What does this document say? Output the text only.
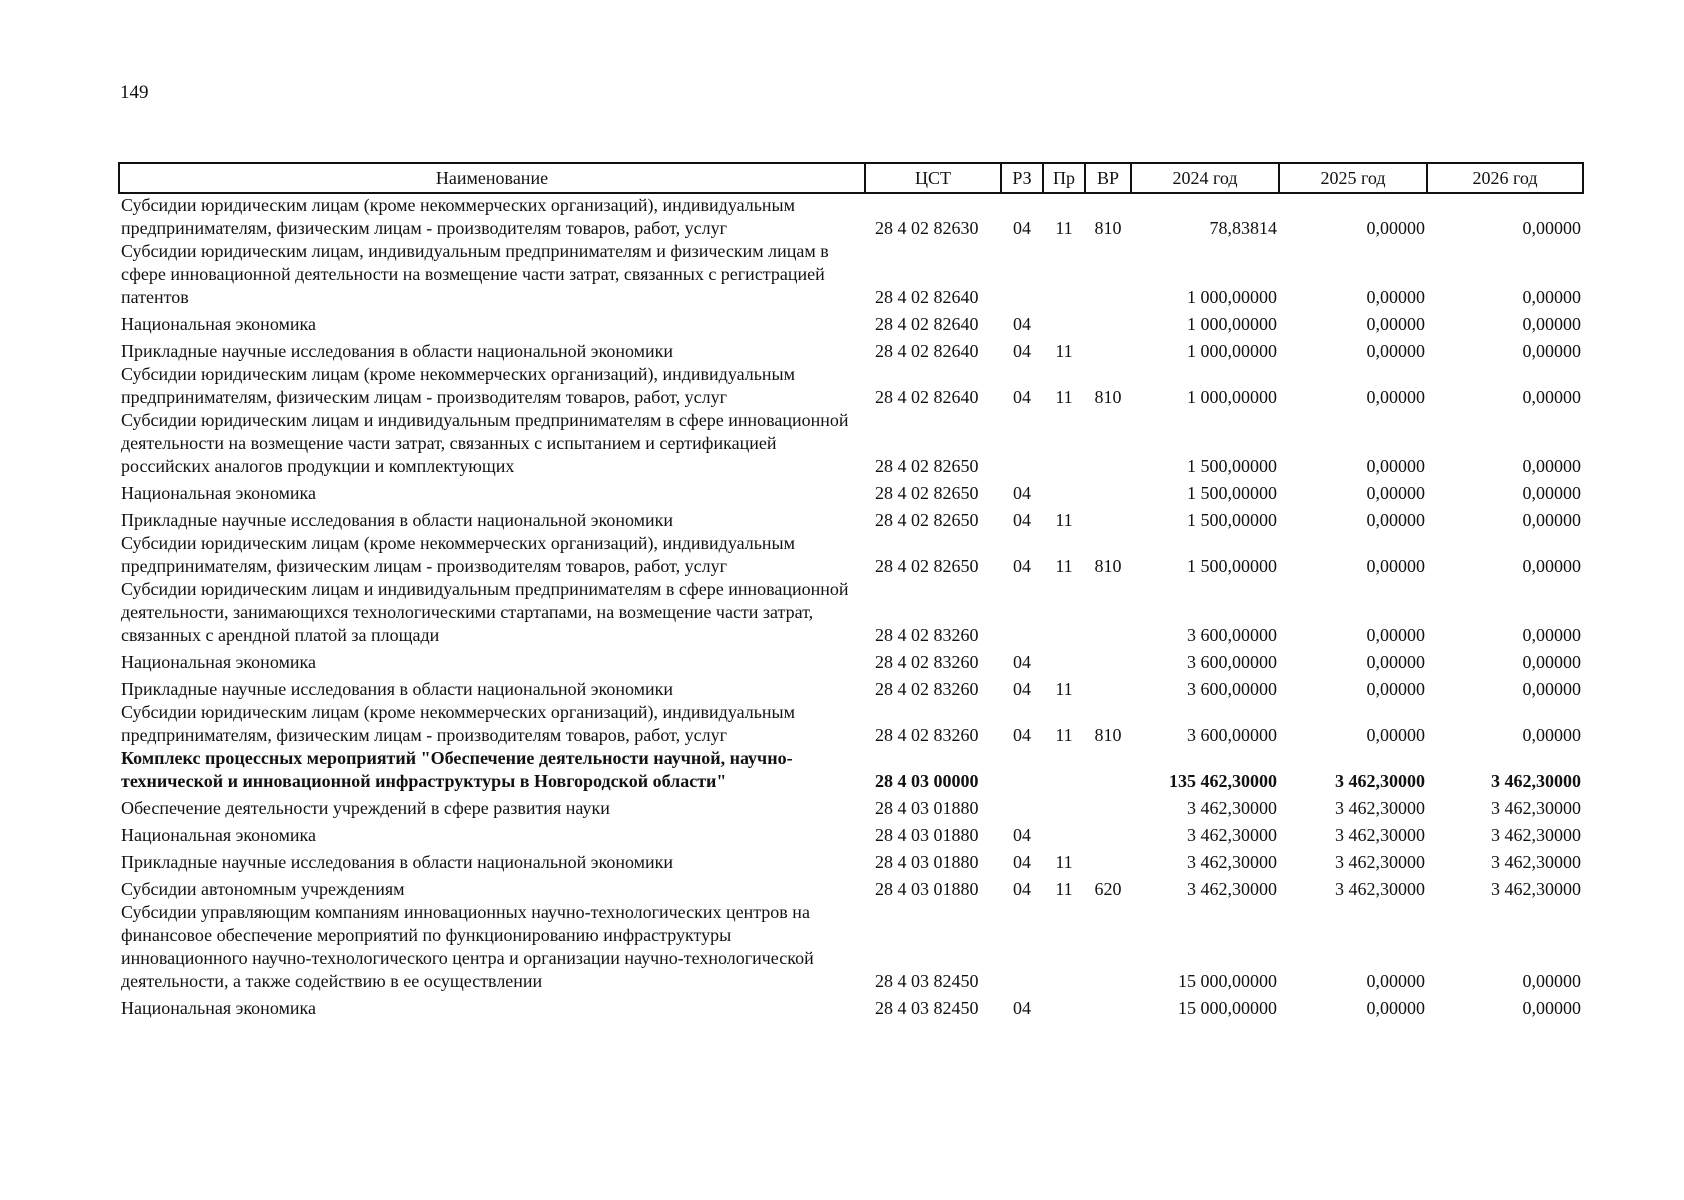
149
Наименование	ЦСТ	РЗ	Пр	ВР	2024 год	2025 год	2026 год
Субсидии юридическим лицам (кроме некоммерческих организаций), индивидуальным предпринимателям, физическим лицам - производителям товаров, работ, услуг	28 4 02 82630	04	11	810	78,83814	0,00000	0,00000
Субсидии юридическим лицам, индивидуальным предпринимателям и физическим лицам в сфере инновационной деятельности на возмещение части затрат, связанных с регистрацией патентов	28 4 02 82640				1 000,00000	0,00000	0,00000
Национальная экономика	28 4 02 82640	04			1 000,00000	0,00000	0,00000
Прикладные научные исследования в области национальной экономики	28 4 02 82640	04	11		1 000,00000	0,00000	0,00000
Субсидии юридическим лицам (кроме некоммерческих организаций), индивидуальным предпринимателям, физическим лицам - производителям товаров, работ, услуг	28 4 02 82640	04	11	810	1 000,00000	0,00000	0,00000
Субсидии юридическим лицам и индивидуальным предпринимателям в сфере инновационной деятельности на возмещение части затрат, связанных с испытанием и сертификацией российских аналогов продукции и комплектующих	28 4 02 82650				1 500,00000	0,00000	0,00000
Национальная экономика	28 4 02 82650	04			1 500,00000	0,00000	0,00000
Прикладные научные исследования в области национальной экономики	28 4 02 82650	04	11		1 500,00000	0,00000	0,00000
Субсидии юридическим лицам (кроме некоммерческих организаций), индивидуальным предпринимателям, физическим лицам - производителям товаров, работ, услуг	28 4 02 82650	04	11	810	1 500,00000	0,00000	0,00000
Субсидии юридическим лицам и индивидуальным предпринимателям в сфере инновационной деятельности, занимающихся технологическими стартапами, на возмещение части затрат, связанных с арендной платой за площади	28 4 02 83260				3 600,00000	0,00000	0,00000
Национальная экономика	28 4 02 83260	04			3 600,00000	0,00000	0,00000
Прикладные научные исследования в области национальной экономики	28 4 02 83260	04	11		3 600,00000	0,00000	0,00000
Субсидии юридическим лицам (кроме некоммерческих организаций), индивидуальным предпринимателям, физическим лицам - производителям товаров, работ, услуг	28 4 02 83260	04	11	810	3 600,00000	0,00000	0,00000
Комплекс процессных мероприятий "Обеспечение деятельности научной, научно-технической и инновационной инфраструктуры в Новгородской области"	28 4 03 00000				135 462,30000	3 462,30000	3 462,30000
Обеспечение деятельности учреждений в сфере развития науки	28 4 03 01880				3 462,30000	3 462,30000	3 462,30000
Национальная экономика	28 4 03 01880	04			3 462,30000	3 462,30000	3 462,30000
Прикладные научные исследования в области национальной экономики	28 4 03 01880	04	11		3 462,30000	3 462,30000	3 462,30000
Субсидии автономным учреждениям	28 4 03 01880	04	11	620	3 462,30000	3 462,30000	3 462,30000
Субсидии управляющим компаниям инновационных научно-технологических центров на финансовое обеспечение мероприятий по функционированию инфраструктуры инновационного научно-технологического центра и организации научно-технологической деятельности, а также содействию в ее осуществлении	28 4 03 82450				15 000,00000	0,00000	0,00000
Национальная экономика	28 4 03 82450	04			15 000,00000	0,00000	0,00000
